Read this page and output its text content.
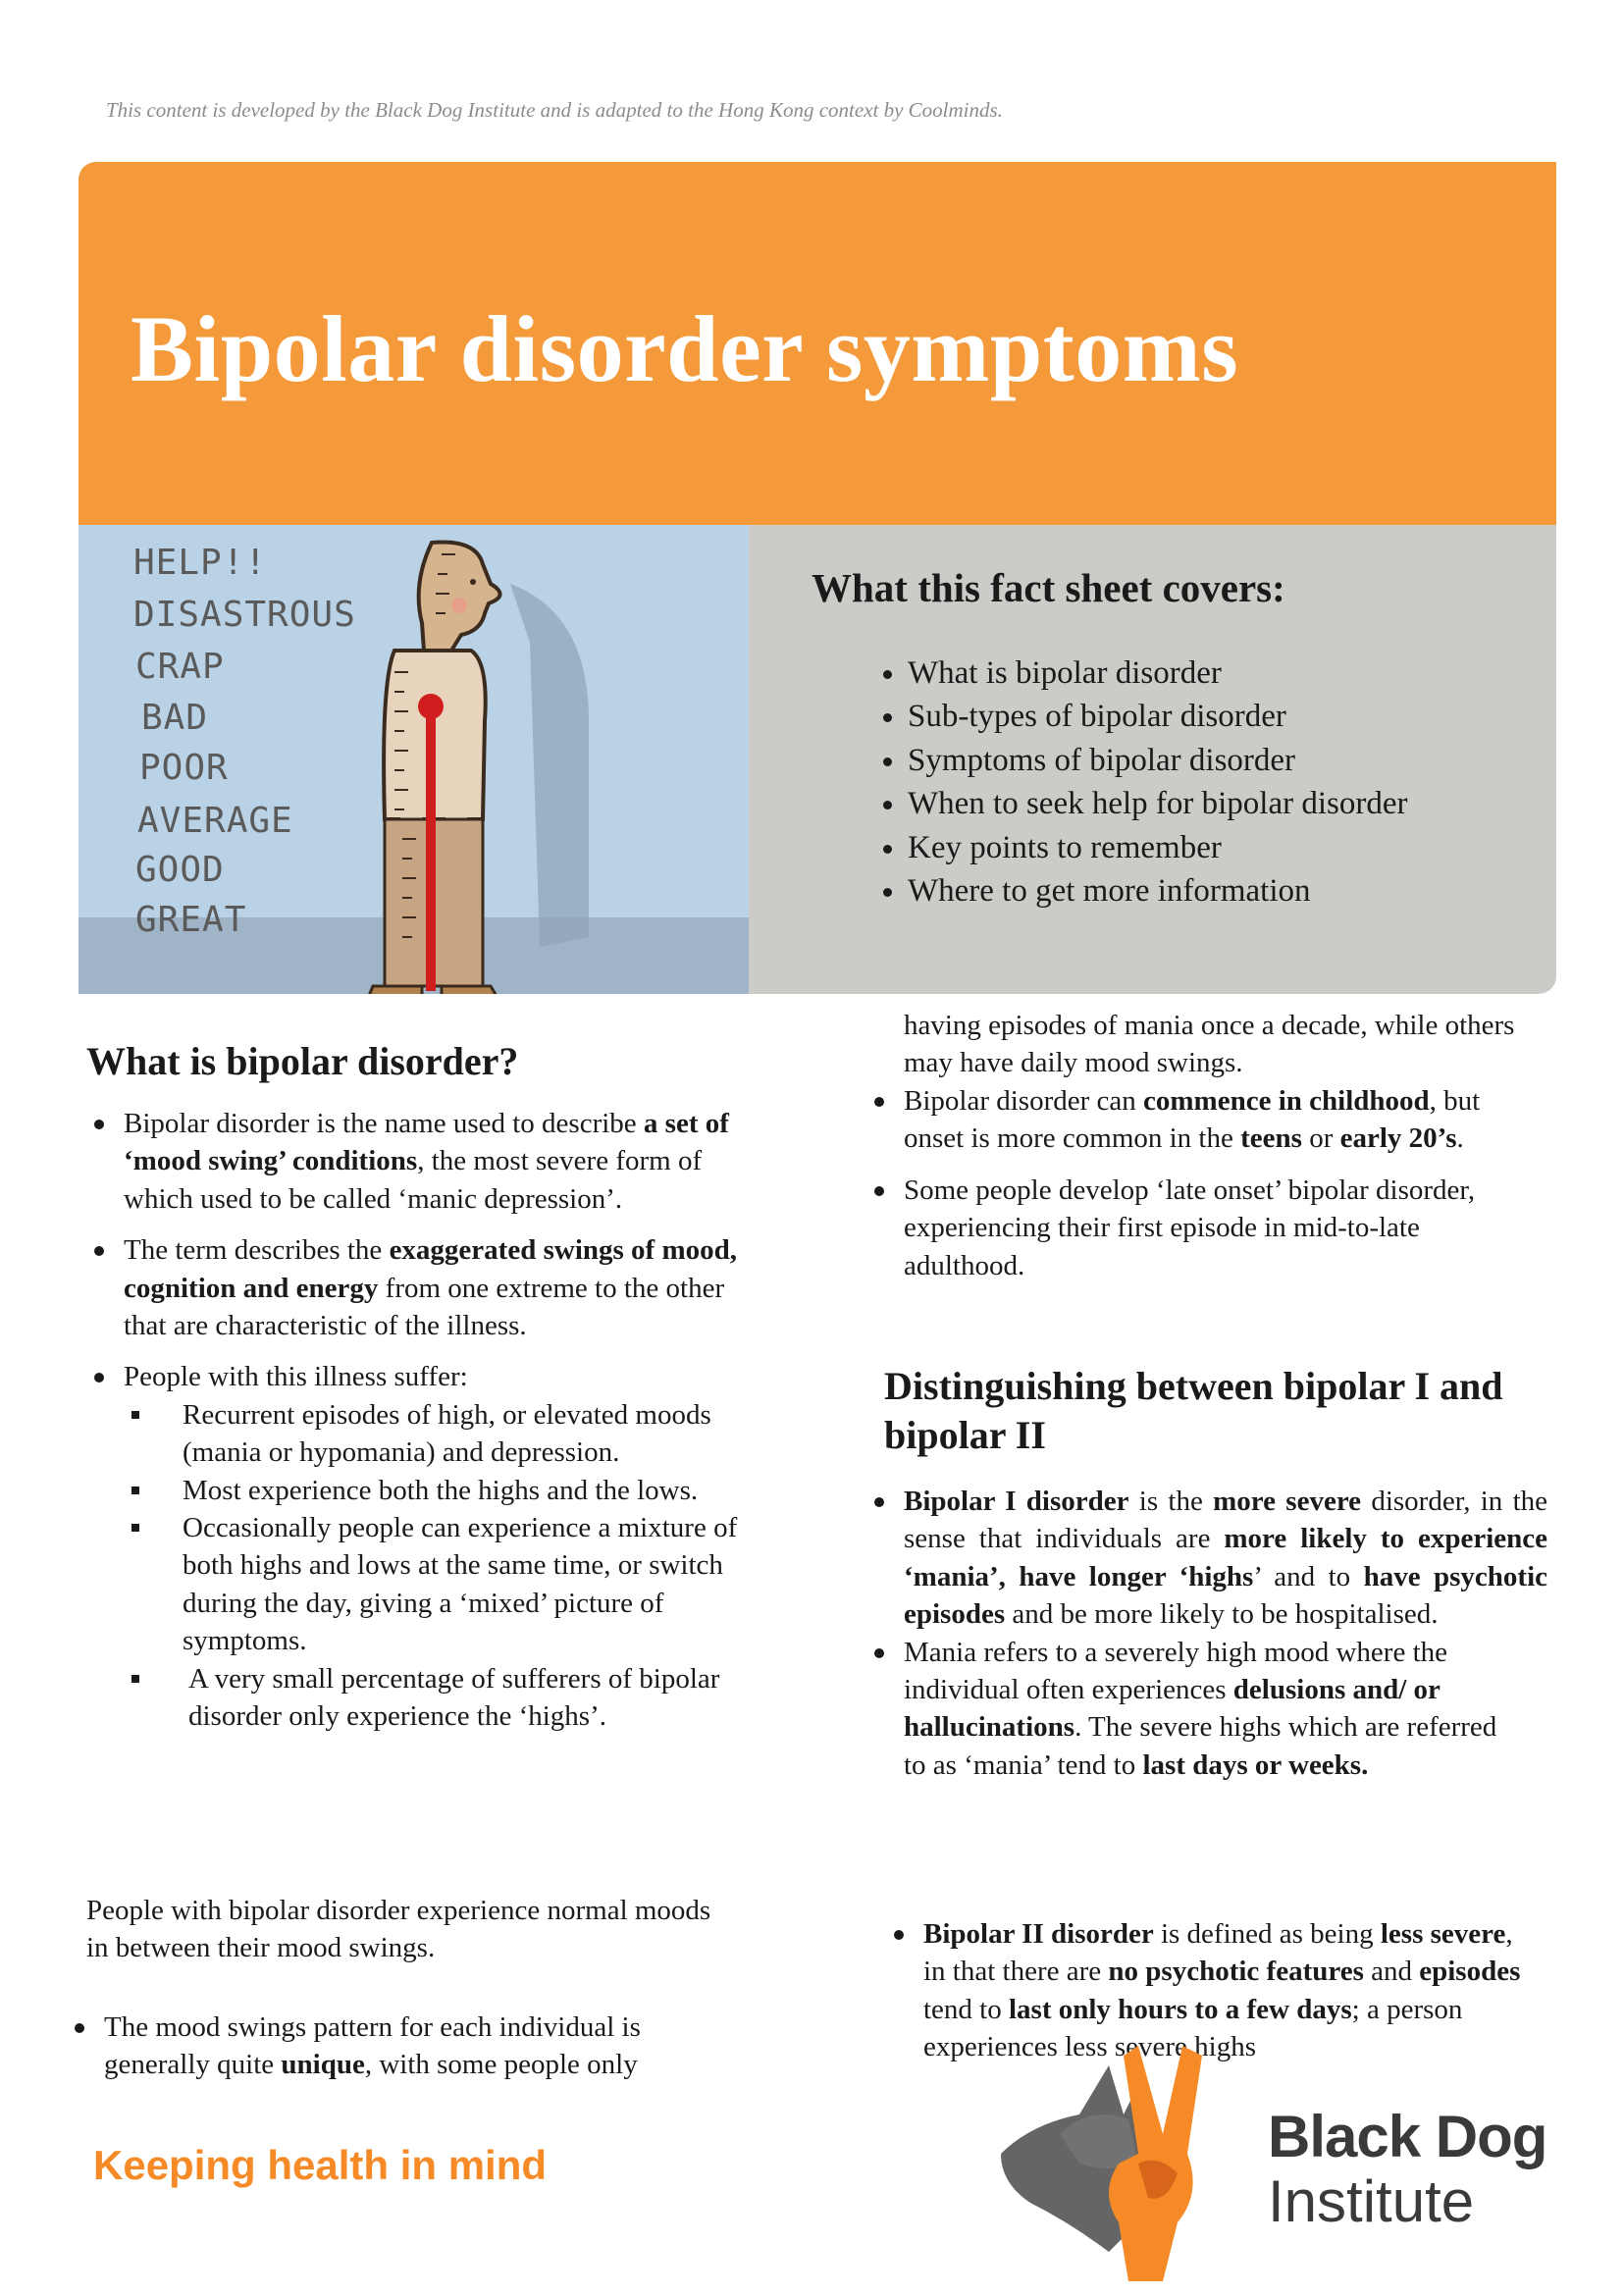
This content is developed by the Black Dog Institute and is adapted to the Hong Kong context by Coolminds.
Bipolar disorder symptoms
HELP!!
DISASTROUS
CRAP
BAD
POOR
AVERAGE
GOOD
GREAT
What this fact sheet covers:
• What is bipolar disorder
• Sub-types of bipolar disorder
• Symptoms of bipolar disorder
• When to seek help for bipolar disorder
• Key points to remember
• Where to get more information
What is bipolar disorder?
Bipolar disorder is the name used to describe a set of ‘mood swing’ conditions, the most severe form of which used to be called ‘manic depression’.
The term describes the exaggerated swings of mood, cognition and energy from one extreme to the other that are characteristic of the illness.
People with this illness suffer:
Recurrent episodes of high, or elevated moods (mania or hypomania) and depression.
Most experience both the highs and the lows.
Occasionally people can experience a mixture of both highs and lows at the same time, or switch during the day, giving a ‘mixed’ picture of symptoms.
A very small percentage of sufferers of bipolar disorder only experience the ‘highs’.
People with bipolar disorder experience normal moods in between their mood swings.
The mood swings pattern for each individual is generally quite unique, with some people only
having episodes of mania once a decade, while others may have daily mood swings.
Bipolar disorder can commence in childhood, but onset is more common in the teens or early 20’s.
Some people develop ‘late onset’ bipolar disorder, experiencing their first episode in mid-to-late adulthood.
Distinguishing between bipolar I and bipolar II
Bipolar I disorder is the more severe disorder, in the sense that individuals are more likely to experience ‘mania’, have longer ‘highs’ and to have psychotic episodes and be more likely to be hospitalised.
Mania refers to a severely high mood where the individual often experiences delusions and/ or hallucinations. The severe highs which are referred to as ‘mania’ tend to last days or weeks.
Bipolar II disorder is defined as being less severe, in that there are no psychotic features and episodes tend to last only hours to a few days; a person experiences less severe highs
Keeping health in mind	Black Dog
Institute
